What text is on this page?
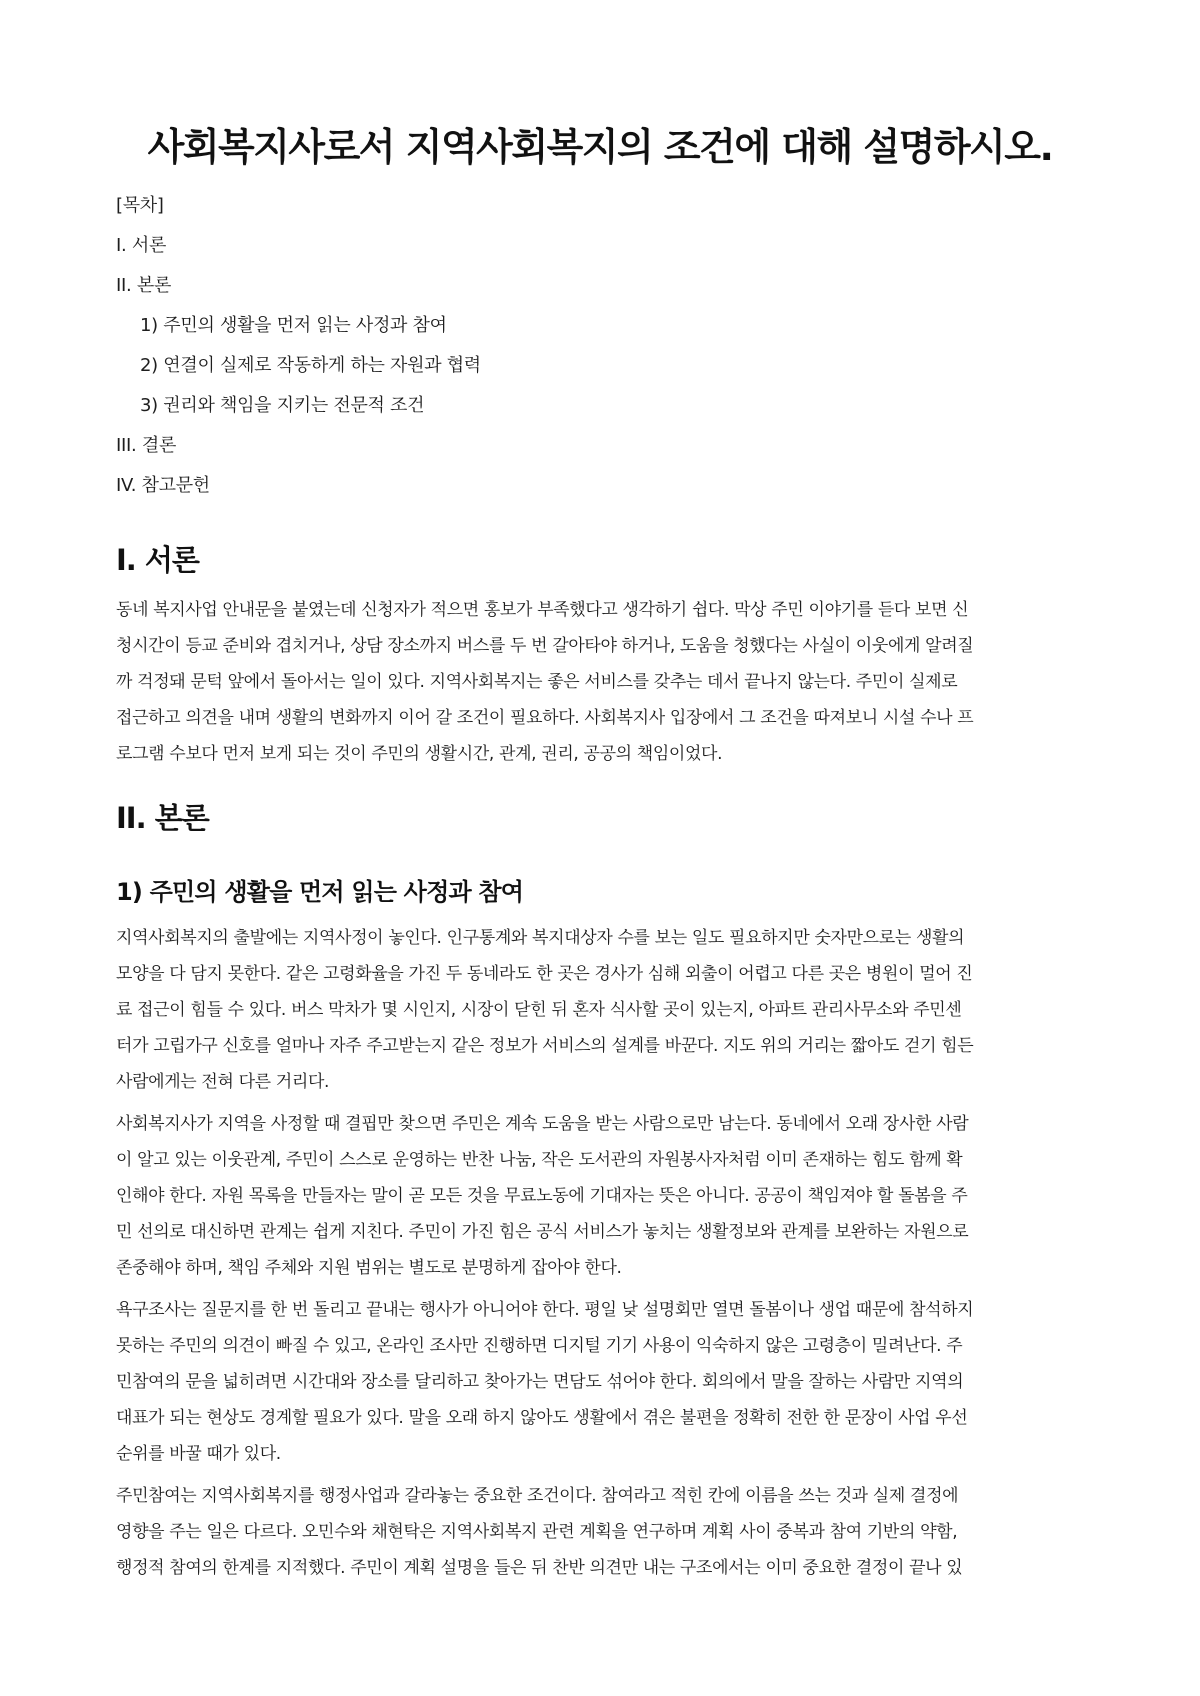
사회복지사로서 지역사회복지의 조건에 대해 설명하시오.
[목차]
I. 서론
II. 본론
1) 주민의 생활을 먼저 읽는 사정과 참여
2) 연결이 실제로 작동하게 하는 자원과 협력
3) 권리와 책임을 지키는 전문적 조건
III. 결론
IV. 참고문헌
I. 서론

동네 복지사업 안내문을 붙였는데 신청자가 적으면 홍보가 부족했다고 생각하기 쉽다. 막상 주민 이야기를 듣다 보면 신
청시간이 등교 준비와 겹치거나, 상담 장소까지 버스를 두 번 갈아타야 하거나, 도움을 청했다는 사실이 이웃에게 알려질
까 걱정돼 문턱 앞에서 돌아서는 일이 있다. 지역사회복지는 좋은 서비스를 갖추는 데서 끝나지 않는다. 주민이 실제로
접근하고 의견을 내며 생활의 변화까지 이어 갈 조건이 필요하다. 사회복지사 입장에서 그 조건을 따져보니 시설 수나 프
로그램 수보다 먼저 보게 되는 것이 주민의 생활시간, 관계, 권리, 공공의 책임이었다.

II. 본론
1) 주민의 생활을 먼저 읽는 사정과 참여

지역사회복지의 출발에는 지역사정이 놓인다. 인구통계와 복지대상자 수를 보는 일도 필요하지만 숫자만으로는 생활의
모양을 다 담지 못한다. 같은 고령화율을 가진 두 동네라도 한 곳은 경사가 심해 외출이 어렵고 다른 곳은 병원이 멀어 진
료 접근이 힘들 수 있다. 버스 막차가 몇 시인지, 시장이 닫힌 뒤 혼자 식사할 곳이 있는지, 아파트 관리사무소와 주민센
터가 고립가구 신호를 얼마나 자주 주고받는지 같은 정보가 서비스의 설계를 바꾼다. 지도 위의 거리는 짧아도 걷기 힘든
사람에게는 전혀 다른 거리다.

사회복지사가 지역을 사정할 때 결핍만 찾으면 주민은 계속 도움을 받는 사람으로만 남는다. 동네에서 오래 장사한 사람
이 알고 있는 이웃관계, 주민이 스스로 운영하는 반찬 나눔, 작은 도서관의 자원봉사자처럼 이미 존재하는 힘도 함께 확
인해야 한다. 자원 목록을 만들자는 말이 곧 모든 것을 무료노동에 기대자는 뜻은 아니다. 공공이 책임져야 할 돌봄을 주
민 선의로 대신하면 관계는 쉽게 지친다. 주민이 가진 힘은 공식 서비스가 놓치는 생활정보와 관계를 보완하는 자원으로
존중해야 하며, 책임 주체와 지원 범위는 별도로 분명하게 잡아야 한다.

욕구조사는 질문지를 한 번 돌리고 끝내는 행사가 아니어야 한다. 평일 낮 설명회만 열면 돌봄이나 생업 때문에 참석하지
못하는 주민의 의견이 빠질 수 있고, 온라인 조사만 진행하면 디지털 기기 사용이 익숙하지 않은 고령층이 밀려난다. 주
민참여의 문을 넓히려면 시간대와 장소를 달리하고 찾아가는 면담도 섞어야 한다. 회의에서 말을 잘하는 사람만 지역의
대표가 되는 현상도 경계할 필요가 있다. 말을 오래 하지 않아도 생활에서 겪은 불편을 정확히 전한 한 문장이 사업 우선
순위를 바꿀 때가 있다.

주민참여는 지역사회복지를 행정사업과 갈라놓는 중요한 조건이다. 참여라고 적힌 칸에 이름을 쓰는 것과 실제 결정에
영향을 주는 일은 다르다. 오민수와 채현탁은 지역사회복지 관련 계획을 연구하며 계획 사이 중복과 참여 기반의 약함,
행정적 참여의 한계를 지적했다. 주민이 계획 설명을 들은 뒤 찬반 의견만 내는 구조에서는 이미 중요한 결정이 끝나 있
